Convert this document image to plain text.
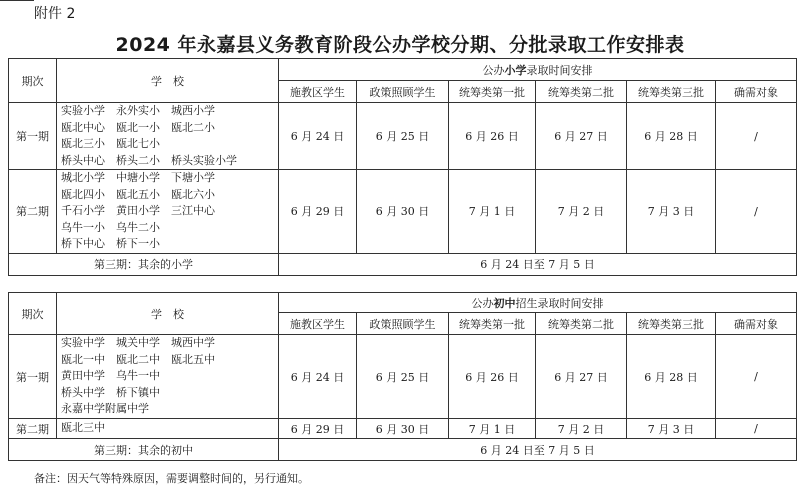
附件 2
2024 年永嘉县义务教育阶段公办学校分期、分批录取工作安排表
期次	学　校	公办小学录取时间安排					
		施教区学生	政策照顾学生	统筹类第一批	统筹类第二批	统筹类第三批	确需对象
第一期	实验小学　永外实小　城西小学
瓯北中心　瓯北一小　瓯北二小
瓯北三小　瓯北七小
桥头中心　桥头二小　桥头实验小学	6 月 24 日	6 月 25 日	6 月 26 日	6 月 27 日	6 月 28 日	/
第二期	城北小学　中塘小学　下塘小学
瓯北四小　瓯北五小　瓯北六小
千石小学　黄田小学　三江中心
乌牛一小　乌牛二小
桥下中心　桥下一小	6 月 29 日	6 月 30 日	7 月 1 日	7 月 2 日	7 月 3 日	/
第三期：其余的小学		6 月 24 日至 7 月 5 日					
期次	学　校	公办初中招生录取时间安排					
		施教区学生	政策照顾学生	统筹类第一批	统筹类第二批	统筹类第三批	确需对象
第一期	实验中学　城关中学　城西中学
瓯北一中　瓯北二中　瓯北五中
黄田中学　乌牛一中
桥头中学　桥下镇中
永嘉中学附属中学	6 月 24 日	6 月 25 日	6 月 26 日	6 月 27 日	6 月 28 日	/
第二期	瓯北三中	6 月 29 日	6 月 30 日	7 月 1 日	7 月 2 日	7 月 3 日	/
第三期：其余的初中		6 月 24 日至 7 月 5 日					
备注：因天气等特殊原因，需要调整时间的，另行通知。
